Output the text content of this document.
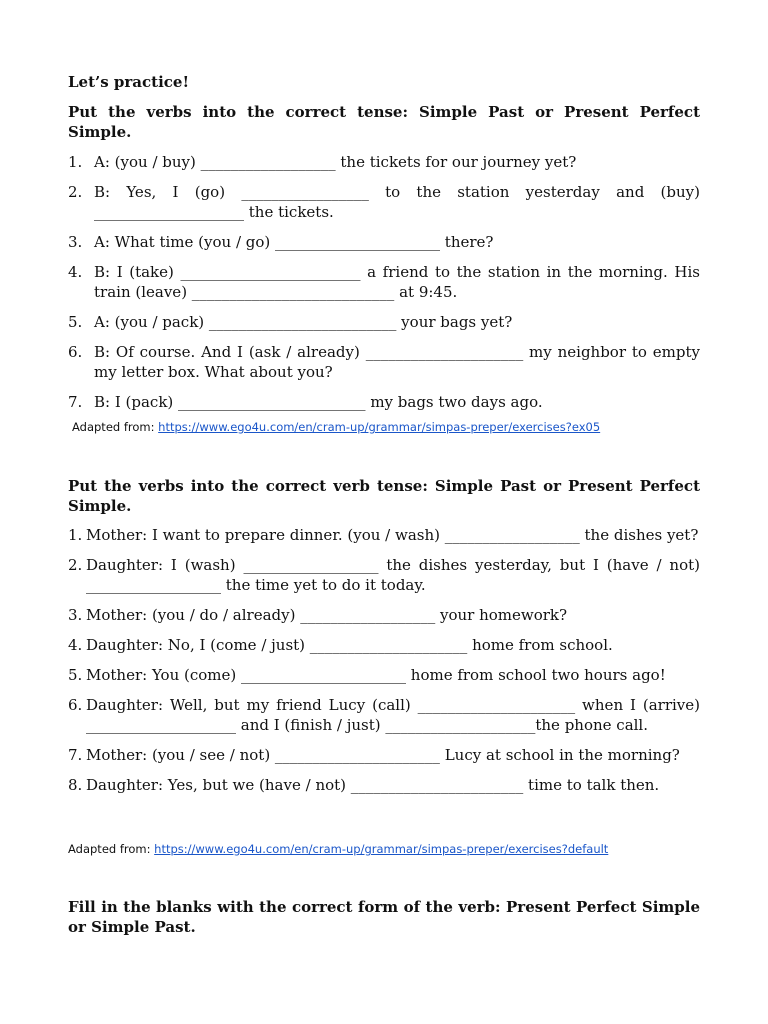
Let’s practice!
Put the verbs into the correct tense: Simple Past or Present Perfect Simple.
1. A: (you / buy) __________________ the tickets for our journey yet?
2. B: Yes, I (go) _________________ to the station yesterday and (buy) ____________________ the tickets.
3. A: What time (you / go) ______________________ there?
4. B: I (take) ________________________ a friend to the station in the morning. His train (leave) ___________________________ at 9:45.
5. A: (you / pack) _________________________ your bags yet?
6. B: Of course. And I (ask / already) _____________________ my neighbor to empty my letter box. What about you?
7. B: I (pack) _________________________ my bags two days ago.
Adapted from: https://www.ego4u.com/en/cram-up/grammar/simpas-preper/exercises?ex05
Put the verbs into the correct verb tense: Simple Past or Present Perfect Simple.
1. Mother: I want to prepare dinner. (you / wash) __________________ the dishes yet?
2. Daughter: I (wash) __________________ the dishes yesterday, but I (have / not) __________________ the time yet to do it today.
3. Mother: (you / do / already) __________________ your homework?
4. Daughter: No, I (come / just) _____________________ home from school.
5. Mother: You (come) ______________________ home from school two hours ago!
6. Daughter: Well, but my friend Lucy (call) _____________________ when I (arrive) ____________________ and I (finish / just) ____________________the phone call.
7. Mother: (you / see / not) ______________________ Lucy at school in the morning?
8. Daughter: Yes, but we (have / not) _______________________ time to talk then.
Adapted from: https://www.ego4u.com/en/cram-up/grammar/simpas-preper/exercises?default
Fill in the blanks with the correct form of the verb: Present Perfect Simple or Simple Past.
